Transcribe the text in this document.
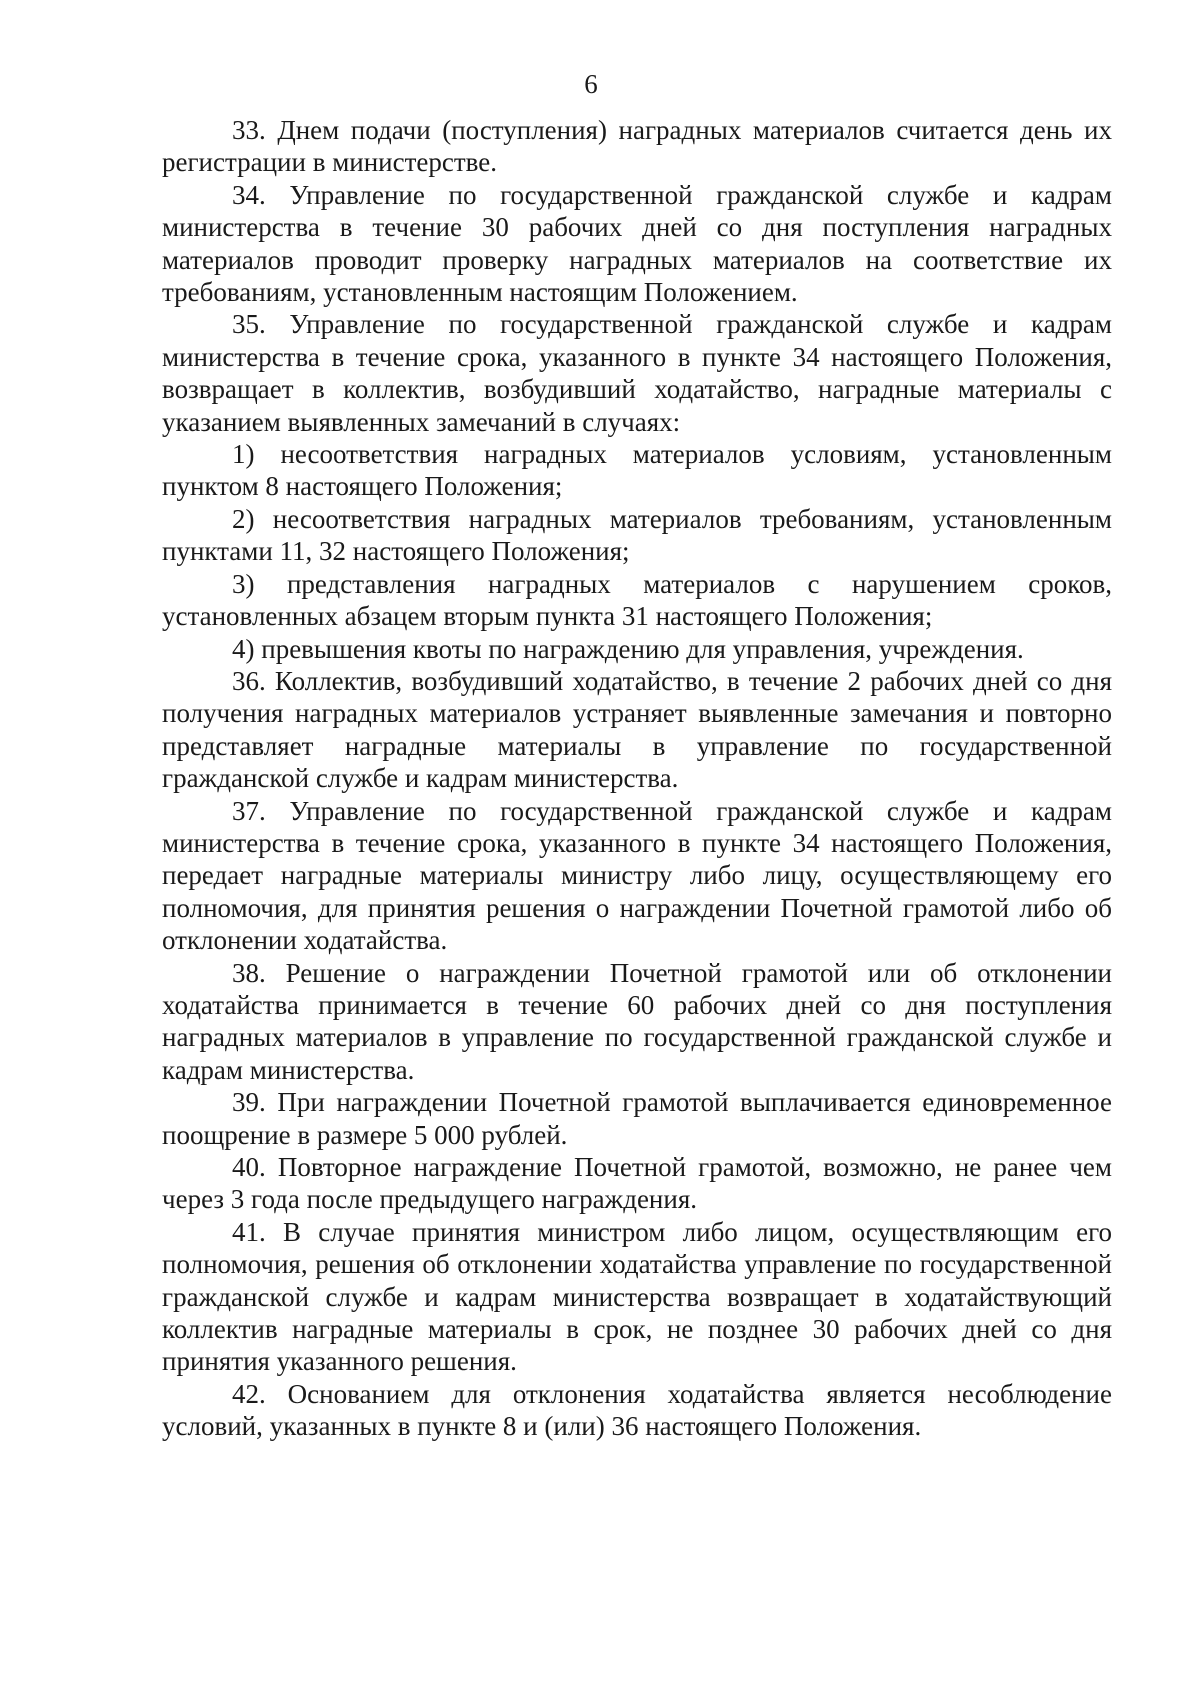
6

33. Днем подачи (поступления) наградных материалов считается день их регистрации в министерстве.

34. Управление по государственной гражданской службе и кадрам министерства в течение 30 рабочих дней со дня поступления наградных материалов проводит проверку наградных материалов на соответствие их требованиям, установленным настоящим Положением.

35. Управление по государственной гражданской службе и кадрам министерства в течение срока, указанного в пункте 34 настоящего Положения, возвращает в коллектив, возбудивший ходатайство, наградные материалы с указанием выявленных замечаний в случаях:

1) несоответствия наградных материалов условиям, установленным пунктом 8 настоящего Положения;

2) несоответствия наградных материалов требованиям, установленным пунктами 11, 32 настоящего Положения;

3) представления наградных материалов с нарушением сроков, установленных абзацем вторым пункта 31 настоящего Положения;

4) превышения квоты по награждению для управления, учреждения.

36. Коллектив, возбудивший ходатайство, в течение 2 рабочих дней со дня получения наградных материалов устраняет выявленные замечания и повторно представляет наградные материалы в управление по государственной гражданской службе и кадрам министерства.

37. Управление по государственной гражданской службе и кадрам министерства в течение срока, указанного в пункте 34 настоящего Положения, передает наградные материалы министру либо лицу, осуществляющему его полномочия, для принятия решения о награждении Почетной грамотой либо об отклонении ходатайства.

38. Решение о награждении Почетной грамотой или об отклонении ходатайства принимается в течение 60 рабочих дней со дня поступления наградных материалов в управление по государственной гражданской службе и кадрам министерства.

39. При награждении Почетной грамотой выплачивается единовременное поощрение в размере 5 000 рублей.

40. Повторное награждение Почетной грамотой, возможно, не ранее чем через 3 года после предыдущего награждения.

41. В случае принятия министром либо лицом, осуществляющим его полномочия, решения об отклонении ходатайства управление по государственной гражданской службе и кадрам министерства возвращает в ходатайствующий коллектив наградные материалы в срок, не позднее 30 рабочих дней со дня принятия указанного решения.

42. Основанием для отклонения ходатайства является несоблюдение условий, указанных в пункте 8 и (или) 36 настоящего Положения.
